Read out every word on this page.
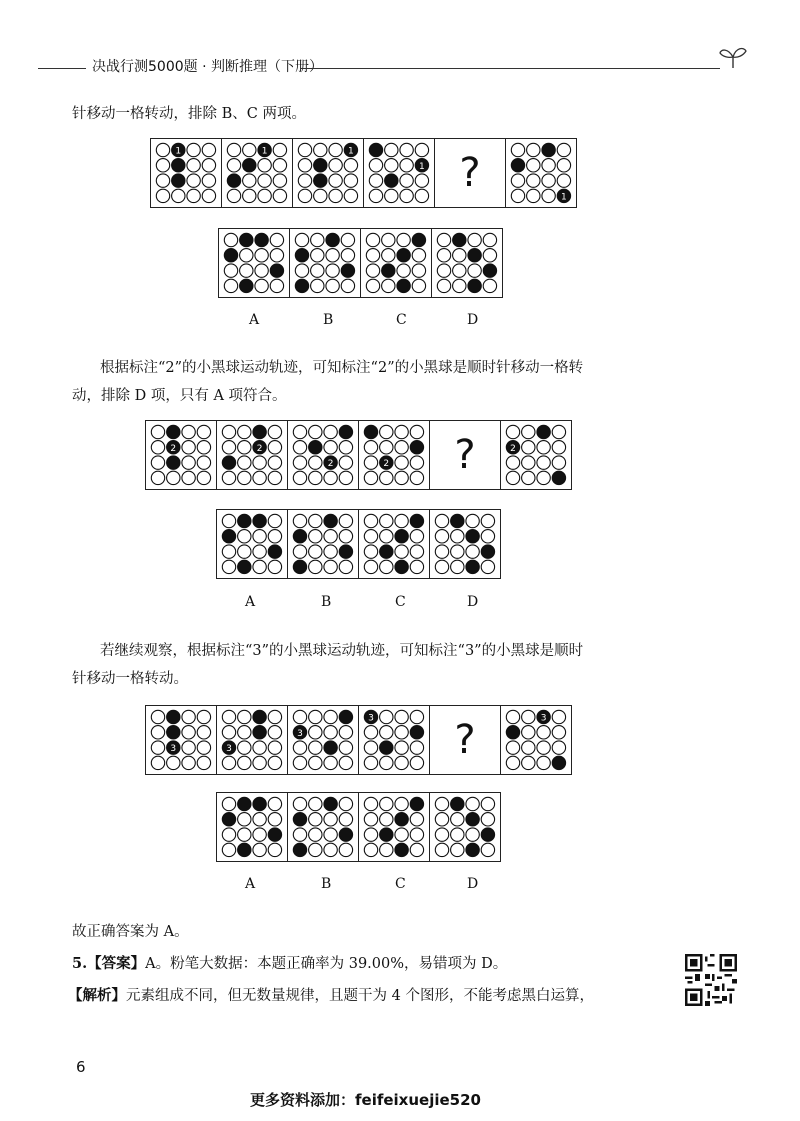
决战行测5000题 · 判断推理（下册）
针移动一格转动，排除 B、C 两项。
1	1	1
1 ?
1
A	B	C	D
根据标注“2”的小黑球运动轨迹，可知标注“2”的小黑球是顺时针移动一格转
动，排除 D 项，只有 A 项符合。
2	2
2	2 ?	2
A	B	C	D
若继续观察，根据标注“3”的小黑球运动轨迹，可知标注“3”的小黑球是顺时
针移动一格转动。
3	3
3
3 ?	3
A	B	C	D
故正确答案为 A。
5.【答案】A。粉笔大数据：本题正确率为 39.00%，易错项为 D。
【解析】元素组成不同，但无数量规律，且题干为 4 个图形，不能考虑黑白运算，
6
更多资料添加：feifeixuejie520
